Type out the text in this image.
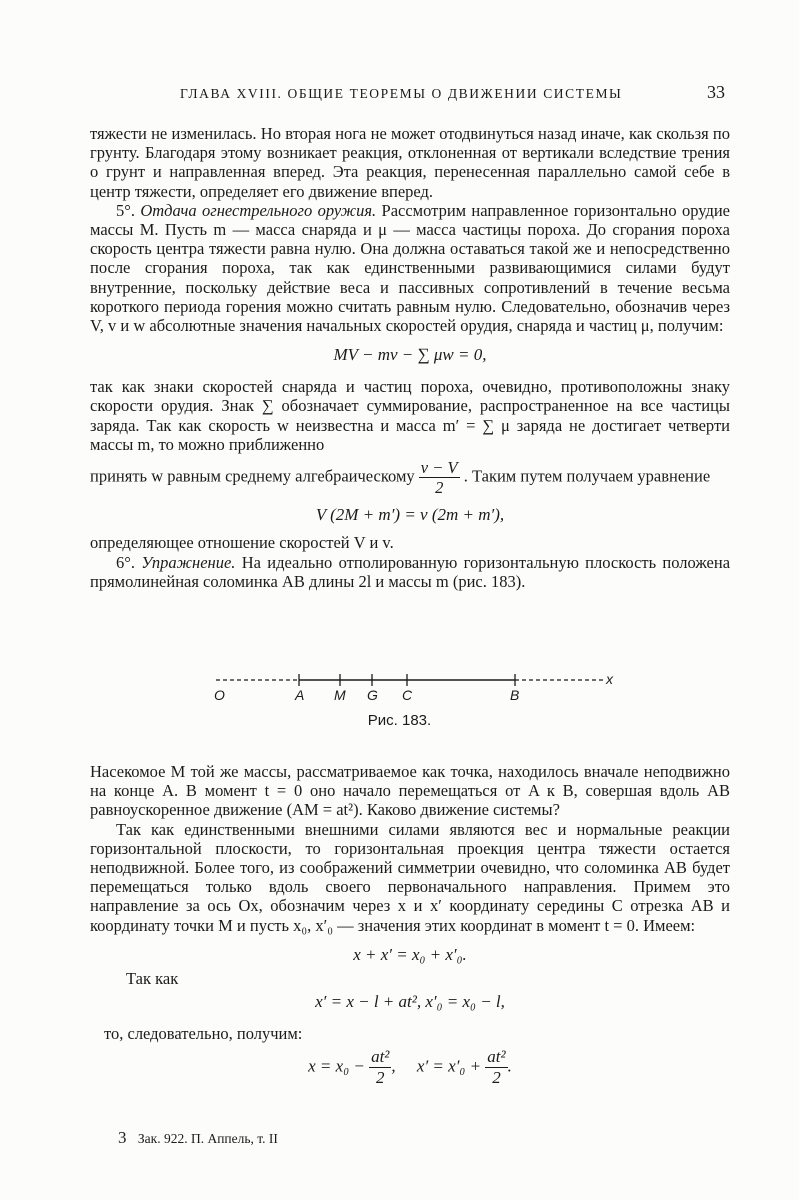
ГЛАВА XVIII. ОБЩИЕ ТЕОРЕМЫ О ДВИЖЕНИИ СИСТЕМЫ	33

тяжести не изменилась. Но вторая нога не может отодвинуться назад иначе, как скользя по грунту. Благодаря этому возникает реакция, отклоненная от вертикали вследствие трения о грунт и направленная вперед. Эта реакция, перенесенная параллельно самой себе в центр тяжести, определяет его движение вперед.

5°. Отдача огнестрельного оружия. Рассмотрим направленное горизонтально орудие массы M. Пусть m — масса снаряда и μ — масса частицы пороха. До сгорания пороха скорость центра тяжести равна нулю. Она должна оставаться такой же и непосредственно после сгорания пороха, так как единственными развивающимися силами будут внутренние, поскольку действие веса и пассивных сопротивлений в течение весьма короткого периода горения можно считать равным нулю. Следовательно, обозначив через V, v и w абсолютные значения начальных скоростей орудия, снаряда и частиц μ, получим:

MV − mv − ∑ μw = 0,

так как знаки скоростей снаряда и частиц пороха, очевидно, противоположны знаку скорости орудия. Знак ∑ обозначает суммирование, распространенное на все частицы заряда. Так как скорость w неизвестна и масса m′ = ∑ μ заряда не достигает четверти массы m, то можно приближенно

принять w равным среднему алгебраическому $\frac{v - V}{2}$ . Таким путем получаем уравнение

V (2M + m′) = v (2m + m′),

определяющее отношение скоростей V и v.

6°. Упражнение. На идеально отполированную горизонтальную плоскость положена прямолинейная соломинка AB длины 2l и массы m (рис. 183).

O	A M G C	B
x
Рис. 183.

Насекомое M той же массы, рассматриваемое как точка, находилось вначале неподвижно на конце A. В момент t = 0 оно начало перемещаться от A к B, совершая вдоль AB равноускоренное движение (AM = at²). Каково движение системы?

Так как единственными внешними силами являются вес и нормальные реакции горизонтальной плоскости, то горизонтальная проекция центра тяжести остается неподвижной. Более того, из соображений симметрии очевидно, что соломинка AB будет перемещаться только вдоль своего первоначального направления. Примем это направление за ось Ox, обозначим через x и x′ координату середины C отрезка AB и координату точки M и пусть x₀, x′₀ — значения этих координат в момент t = 0. Имеем:

x + x′ = x₀ + x′₀.

Так как

x′ = x − l + at², x′₀ = x₀ − l,

то, следовательно, получим:

$x = x_0 - \frac{\text{at²}}{2}$ ,     $x' = x'_0 + \frac{\text{at²}}{2}$ .

3 Зак. 922. П. Аппель, т. II
